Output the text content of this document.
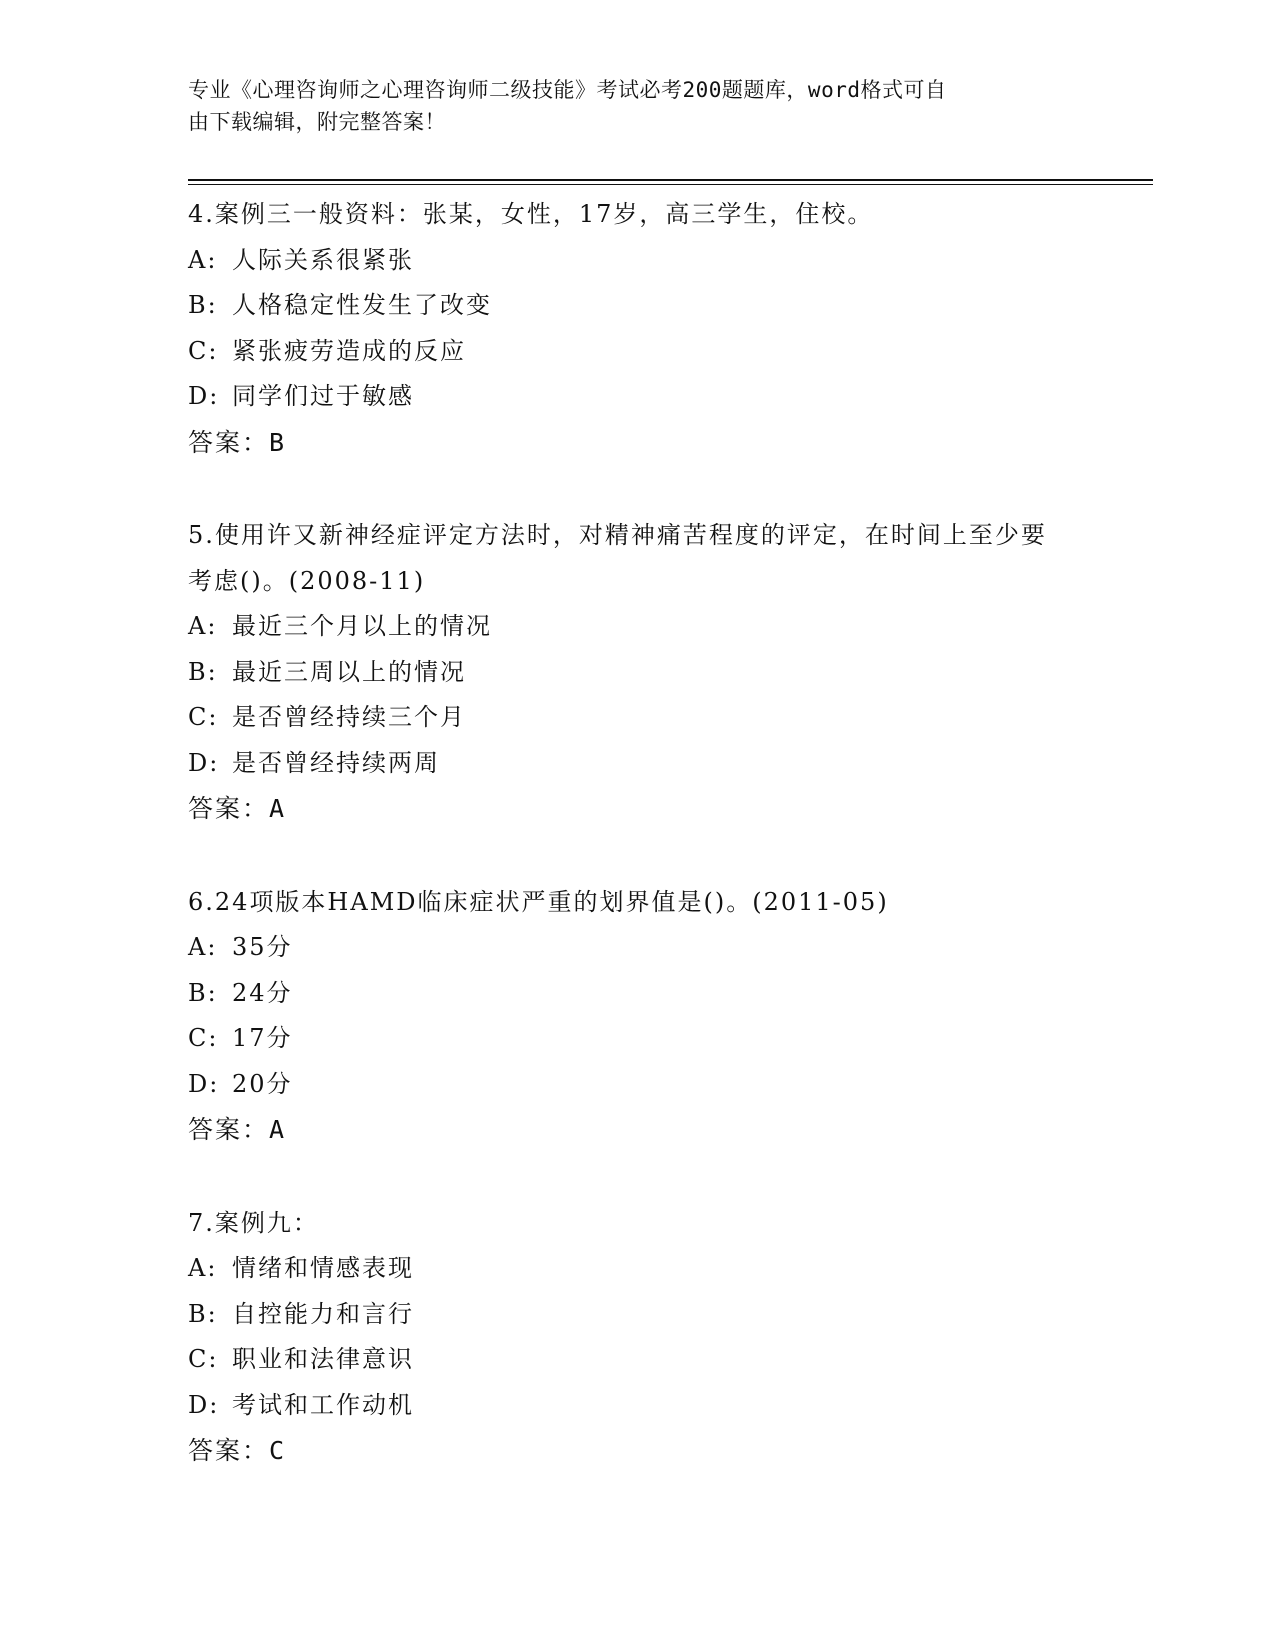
专业《心理咨询师之心理咨询师二级技能》考试必考200题题库，word格式可自
由下载编辑，附完整答案！

4.案例三一般资料：张某，女性，17岁，高三学生，住校。

A: 人际关系很紧张
B: 人格稳定性发生了改变
C: 紧张疲劳造成的反应
D: 同学们过于敏感

答案：B

5.使用许又新神经症评定方法时，对精神痛苦程度的评定，在时间上至少要考虑()。(2008-11)

A: 最近三个月以上的情况
B: 最近三周以上的情况
C: 是否曾经持续三个月
D: 是否曾经持续两周

答案：A

6.24项版本HAMD临床症状严重的划界值是()。(2011-05)

A: 35分
B: 24分
C: 17分
D: 20分

答案：A

7.案例九：

A: 情绪和情感表现
B: 自控能力和言行
C: 职业和法律意识
D: 考试和工作动机

答案：C
